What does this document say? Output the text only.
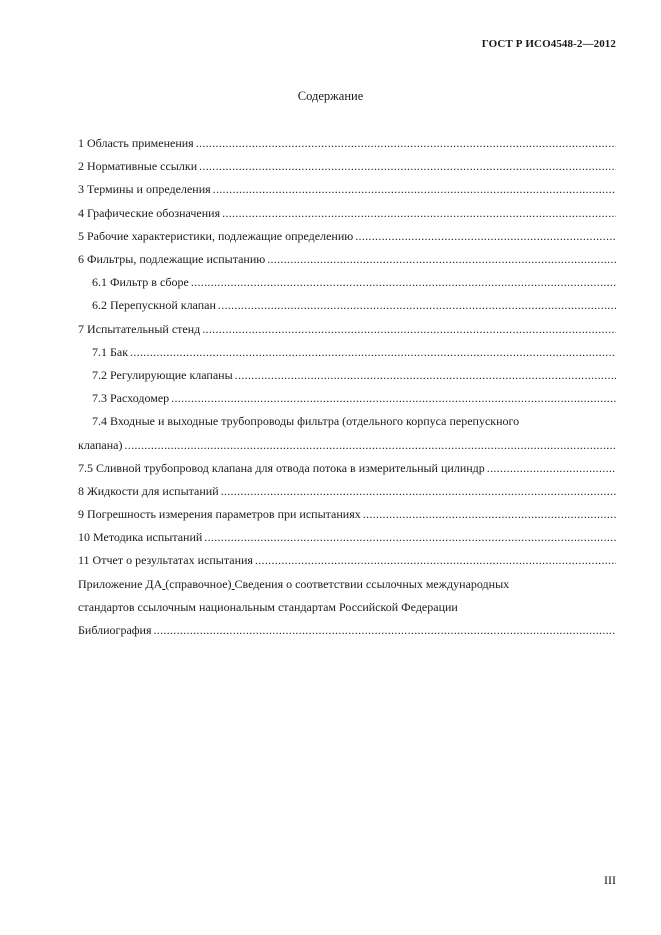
ГОСТ Р ИСО4548-2—2012
Содержание
1 Область применения
.....
2 Нормативные ссылки
.....
3 Термины и определения
.....
4 Графические обозначения
.....
5 Рабочие характеристики, подлежащие определению
.....
6 Фильтры, подлежащие испытанию
.....
6.1 Фильтр в сборе
.....
6.2 Перепускной клапан
.....
7 Испытательный стенд
.....
7.1 Бак
.....
7.2 Регулирующие клапаны
.....
7.3 Расходомер
.....
7.4 Входные и выходные трубопроводы фильтра (отдельного корпуса перепускного
клапана)
.....
7.5 Сливной трубопровод клапана для отвода потока в измерительный цилиндр
.....
8 Жидкости для испытаний
.....
9 Погрешность измерения параметров при испытаниях
.....
10 Методика испытаний
.....
11 Отчет о результатах испытания
.....
Приложение ДА (справочное) Сведения о соответствии ссылочных международных
стандартов ссылочным национальным стандартам Российской Федерации
Библиография
.....
III
